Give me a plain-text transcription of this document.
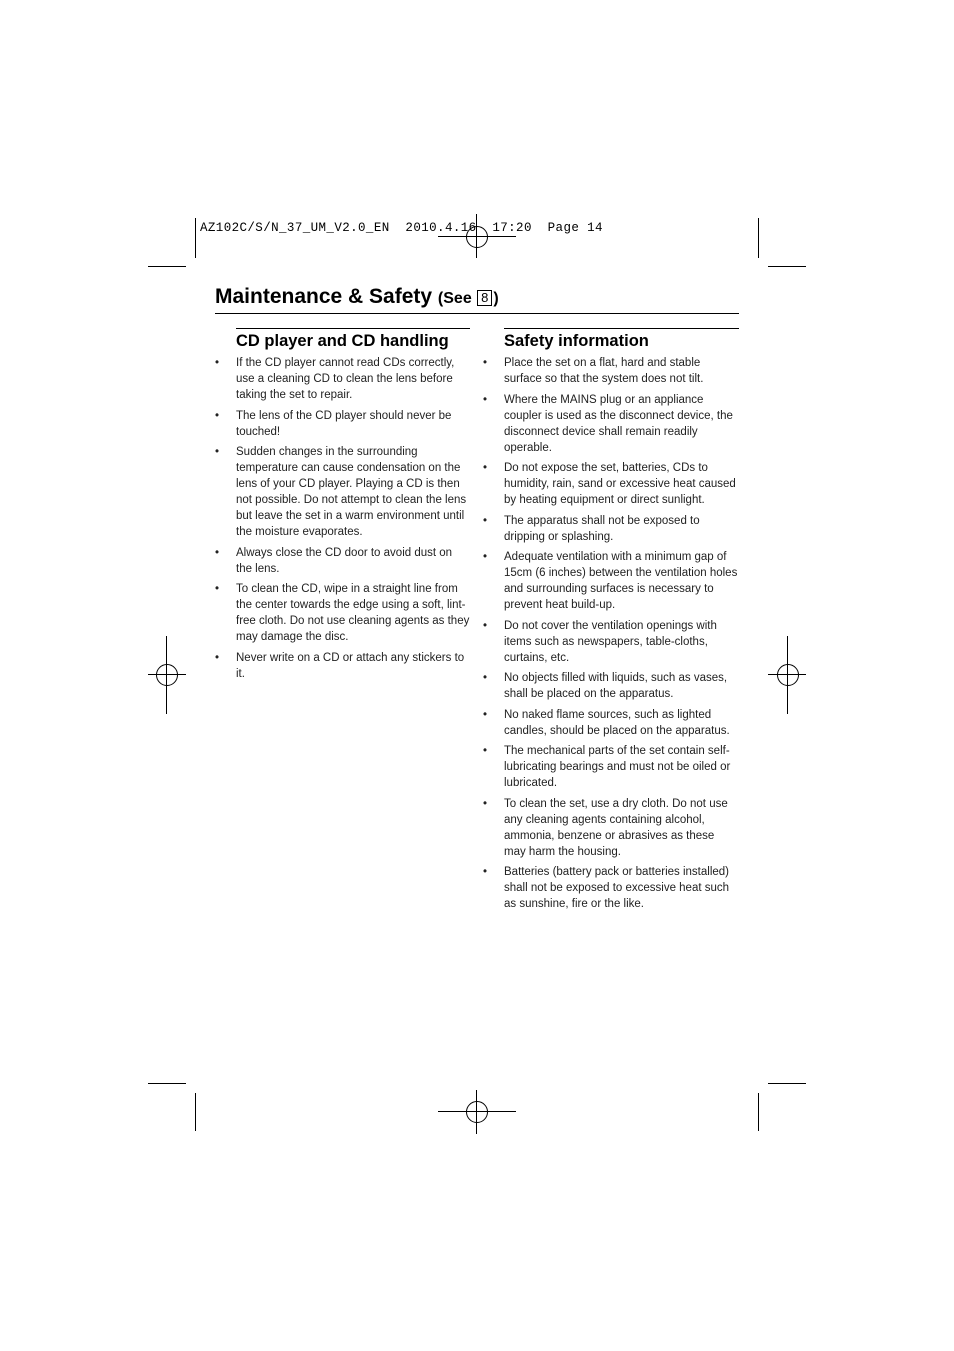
AZ102C/S/N_37_UM_V2.0_EN  2010.4.16  17:20  Page 14

Maintenance & Safety (See 8 )
CD player and CD handling
• If the CD player cannot read CDs correctly, use a cleaning CD to clean the lens before taking the set to repair.
• The lens of the CD player should never be touched!
• Sudden changes in the surrounding temperature can cause condensation on the lens of your CD player. Playing a CD is then not possible. Do not attempt to clean the lens but leave the set in a warm environment until the moisture evaporates.
• Always close the CD door to avoid dust on the lens.
• To clean the CD, wipe in a straight line from the center towards the edge using a soft, lint-free cloth. Do not use cleaning agents as they may damage the disc.
• Never write on a CD or attach any stickers to it.
Safety information
• Place the set on a flat, hard and stable surface so that the system does not tilt.
• Where the MAINS plug or an appliance coupler is used as the disconnect device, the disconnect device shall remain readily operable.
• Do not expose the set, batteries, CDs to humidity, rain, sand or excessive heat caused by heating equipment or direct sunlight.
• The apparatus shall not be exposed to dripping or splashing.
• Adequate ventilation with a minimum gap of 15cm (6 inches) between the ventilation holes and surrounding surfaces is necessary to prevent heat build-up.
• Do not cover the ventilation openings with items such as newspapers, table-cloths, curtains, etc.
• No objects filled with liquids, such as vases, shall be placed on the apparatus.
• No naked flame sources, such as lighted candles, should be placed on the apparatus.
• The mechanical parts of the set contain self-lubricating bearings and must not be oiled or lubricated.
• To clean the set, use a dry cloth. Do not use any cleaning agents containing alcohol, ammonia, benzene or abrasives as these may harm the housing.
• Batteries (battery pack or batteries installed) shall not be exposed to excessive heat such as sunshine, fire or the like.
